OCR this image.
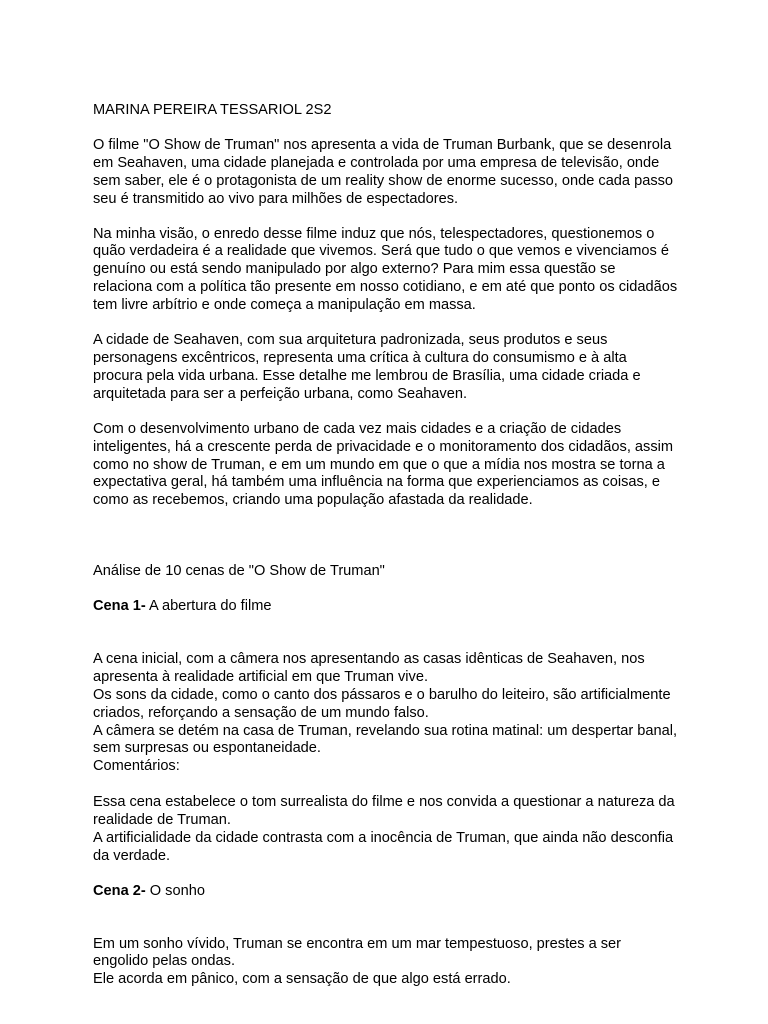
MARINA PEREIRA TESSARIOL 2S2

O filme "O Show de Truman" nos apresenta a vida de Truman Burbank, que se desenrola em Seahaven, uma cidade planejada e controlada por uma empresa de televisão, onde sem saber, ele é o protagonista de um reality show de enorme sucesso, onde cada passo seu é transmitido ao vivo para milhões de espectadores.

Na minha visão, o enredo desse filme induz que nós, telespectadores, questionemos o quão verdadeira é a realidade que vivemos. Será que tudo o que vemos e vivenciamos é genuíno ou está sendo manipulado por algo externo? Para mim essa questão se relaciona com a política tão presente em nosso cotidiano, e em até que ponto os cidadãos tem livre arbítrio e onde começa a manipulação em massa.

A cidade de Seahaven, com sua arquitetura padronizada, seus produtos e seus personagens excêntricos, representa uma crítica à cultura do consumismo e à alta procura pela vida urbana. Esse detalhe me lembrou de Brasília, uma cidade criada e arquitetada para ser a perfeição urbana, como Seahaven.

Com o desenvolvimento urbano de cada vez mais cidades e a criação de cidades inteligentes, há a crescente perda de privacidade e o monitoramento dos cidadãos, assim como no show de Truman, e em um mundo em que o que a mídia nos mostra se torna a expectativa geral, há também uma influência na forma que experienciamos as coisas, e como as recebemos, criando uma população afastada da realidade.

Análise de 10 cenas de "O Show de Truman"

Cena 1- A abertura do filme

A cena inicial, com a câmera nos apresentando as casas idênticas de Seahaven, nos apresenta à realidade artificial em que Truman vive.
Os sons da cidade, como o canto dos pássaros e o barulho do leiteiro, são artificialmente criados, reforçando a sensação de um mundo falso.
A câmera se detém na casa de Truman, revelando sua rotina matinal: um despertar banal, sem surpresas ou espontaneidade.
Comentários:

Essa cena estabelece o tom surrealista do filme e nos convida a questionar a natureza da realidade de Truman.
A artificialidade da cidade contrasta com a inocência de Truman, que ainda não desconfia da verdade.

Cena 2- O sonho

Em um sonho vívido, Truman se encontra em um mar tempestuoso, prestes a ser engolido pelas ondas.
Ele acorda em pânico, com a sensação de que algo está errado.
